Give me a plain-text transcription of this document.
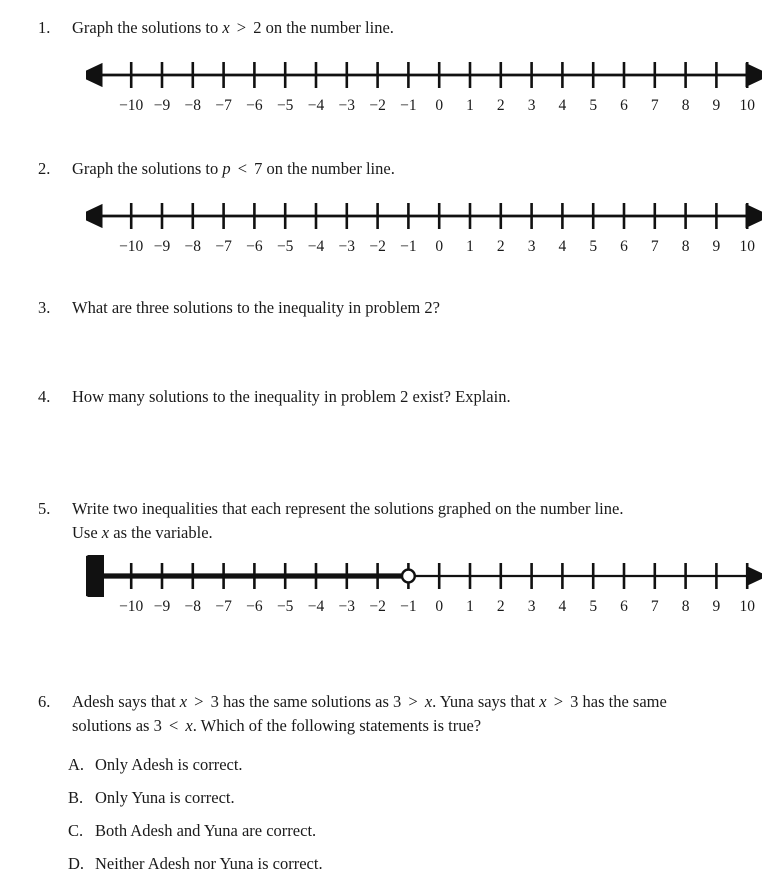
1.	Graph the solutions to x > 2 on the number line.
−10 −9 −8 −7 −6 −5 −4 −3 −2 −1 0 1 2 3 4 5 6 7 8 9 10
2.	Graph the solutions to p < 7 on the number line.
−10 −9 −8 −7 −6 −5 −4 −3 −2 −1 0 1 2 3 4 5 6 7 8 9 10
3.	What are three solutions to the inequality in problem 2?
4.	How many solutions to the inequality in problem 2 exist? Explain.
5.	Write two inequalities that each represent the solutions graphed on the number line.
Use x as the variable.
−10 −9 −8 −7 −6 −5 −4 −3 −2 −1 0 1 2 3 4 5 6 7 8 9 10
6.	Adesh says that x > 3 has the same solutions as 3 > x. Yuna says that x > 3 has the same
solutions as 3 < x. Which of the following statements is true?
A. Only Adesh is correct.
B. Only Yuna is correct.
C. Both Adesh and Yuna are correct.
D. Neither Adesh nor Yuna is correct.
